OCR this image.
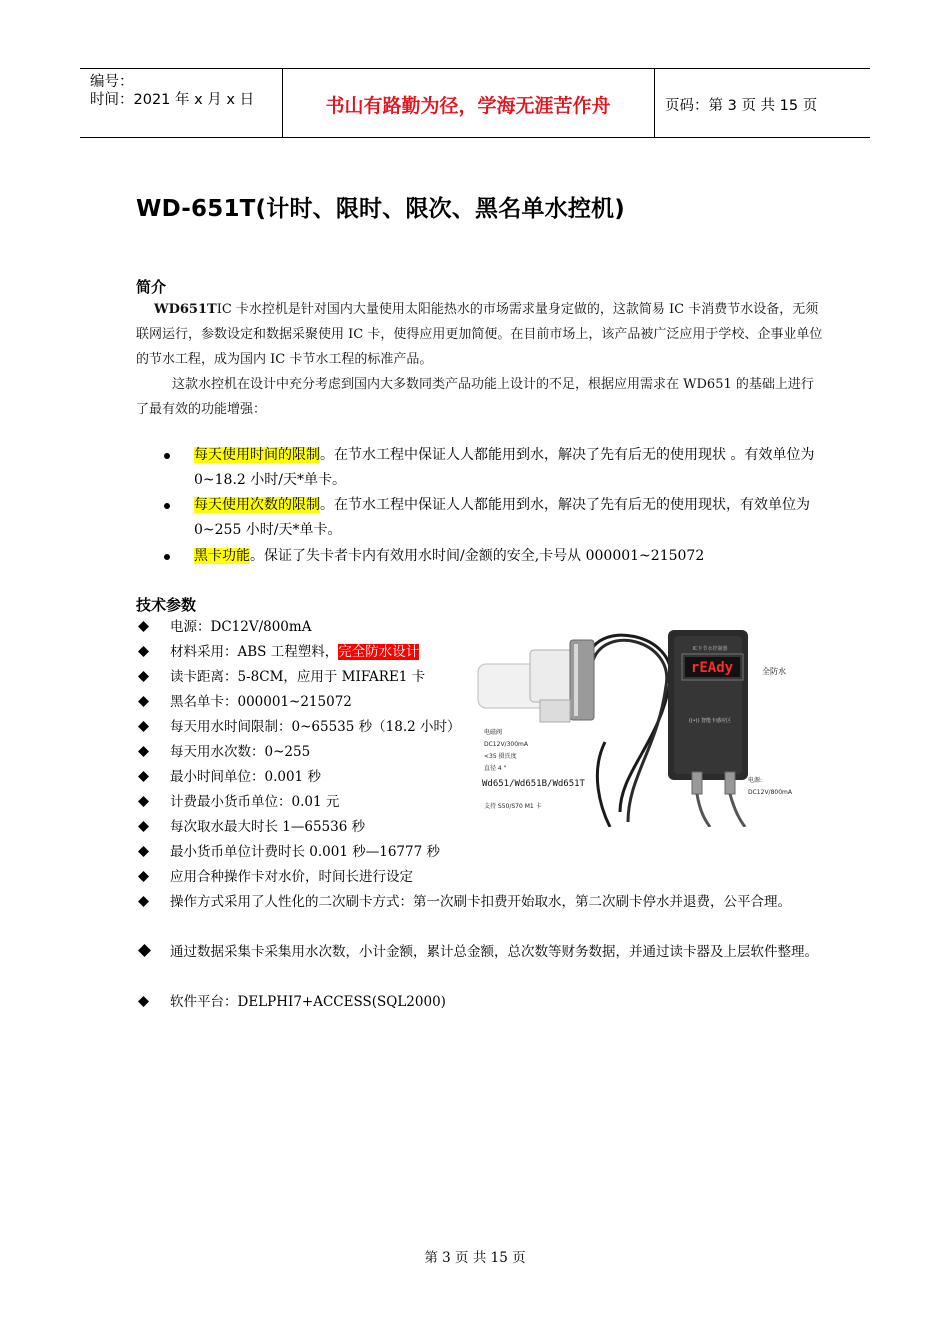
编号：
时间：2021 年 x 月 x 日	书山有路勤为径，学海无涯苦作舟	页码：第 3 页 共 15 页
WD-651T(计时、限时、限次、黑名单水控机)
简介

WD651TIC 卡水控机是针对国内大量使用太阳能热水的市场需求量身定做的，这款简易 IC 卡消费节水设备，无须联网运行，参数设定和数据采聚使用 IC 卡，使得应用更加简便。在目前市场上，该产品被广泛应用于学校、企事业单位的节水工程，成为国内 IC 卡节水工程的标准产品。

这款水控机在设计中充分考虑到国内大多数同类产品功能上设计的不足，根据应用需求在 WD651 的基础上进行了最有效的功能增强：

每天使用时间的限制。在节水工程中保证人人都能用到水，解决了先有后无的使用现状 。有效单位为 0~18.2 小时/天*单卡。
每天使用次数的限制。在节水工程中保证人人都能用到水，解决了先有后无的使用现状，有效单位为 0~255 小时/天*单卡。
黑卡功能。保证了失卡者卡内有效用水时间/金额的安全,卡号从 000001~215072
技术参数
电源：DC12V/800mA
材料采用：ABS 工程塑料，完全防水设计
读卡距离：5-8CM，应用于 MIFARE1 卡
黑名单卡：000001~215072
每天用水时间限制：0~65535 秒（18.2 小时）
每天用水次数：0~255
最小时间单位：0.001 秒
计费最小货币单位：0.01 元
每次取水最大时长 1—65536 秒
最小货币单位计费时长 0.001 秒—16777 秒
应用合种操作卡对水价，时间长进行设定
操作方式采用了人性化的二次刷卡方式：第一次刷卡扣费开始取水，第二次刷卡停水并退费，公平合理。
通过数据采集卡采集用水次数，小计金额，累计总金额，总次数等财务数据，并通过读卡器及上层软件整理。
软件平台：DELPHI7+ACCESS(SQL2000)
rEAdy
IC卡节水控制器
((•)) 智能卡感应区
全防水
电磁阀
DC12V/300mA
<35 摄氏度
直径 4 "
Wd651/Wd651B/Wd651T
支持 S50/S70 M1 卡
电源:
DC12V/800mA
第 3 页 共 15 页
